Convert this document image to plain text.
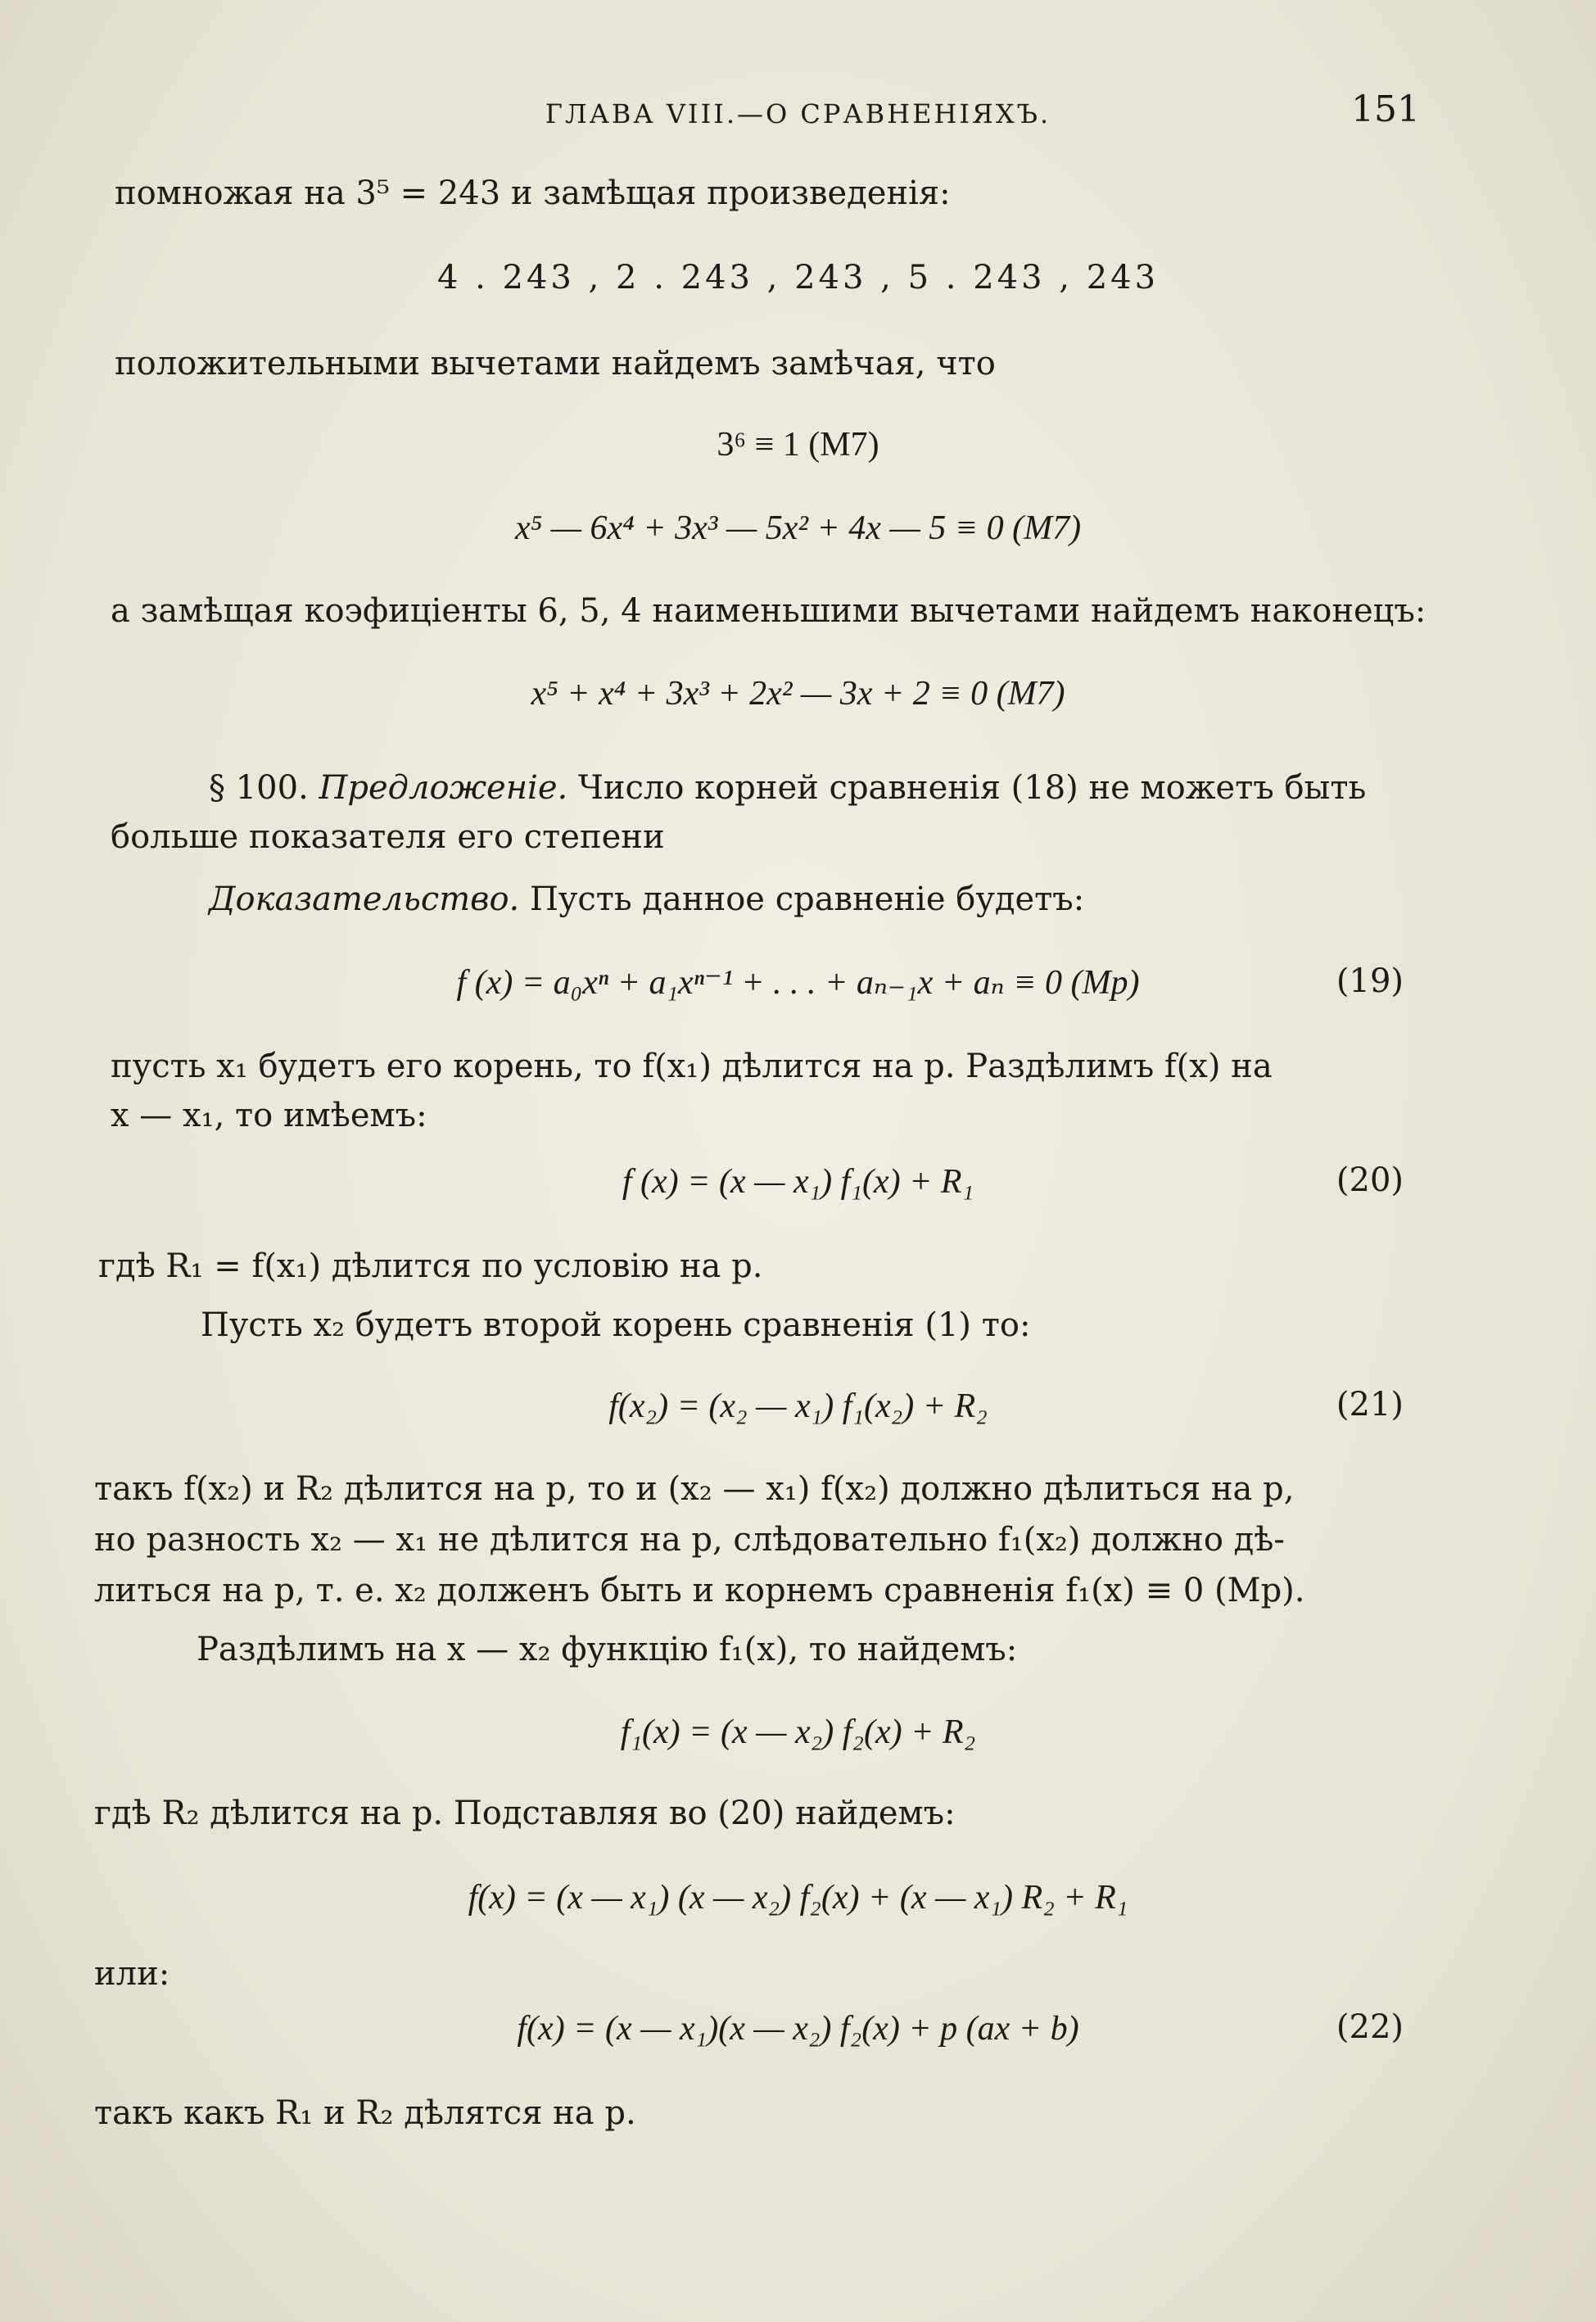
ГЛАВА VIII.—О СРАВНЕНІЯХЪ.	151
помножая на 3⁵ = 243 и замѣщая произведенія:
4 . 243 , 2 . 243 , 243 , 5 . 243 , 243
положительными вычетами найдемъ замѣчая, что
3⁶ ≡ 1 (M7)
x⁵ — 6x⁴ + 3x³ — 5x² + 4x — 5 ≡ 0 (M7)
а замѣщая коэфиціенты 6, 5, 4 наименьшими вычетами найдемъ наконецъ:
x⁵ + x⁴ + 3x³ + 2x² — 3x + 2 ≡ 0 (M7)
§ 100. Предложеніе. Число корней сравненія (18) не можетъ быть
больше показателя его степени
Доказательство. Пусть данное сравненіе будетъ:
f (x) = a₀xⁿ + a₁xⁿ⁻¹ + . . . + aₙ₋₁x + aₙ ≡ 0 (Mp)	(19)
пусть x₁ будетъ его корень, то f(x₁) дѣлится на p. Раздѣлимъ f(x) на
x — x₁, то имѣемъ:
f (x) = (x — x₁) f₁(x) + R₁	(20)
гдѣ R₁ = f(x₁) дѣлится по условію на p.
Пусть x₂ будетъ второй корень сравненія (1) то:
f(x₂) = (x₂ — x₁) f₁(x₂) + R₂	(21)
такъ f(x₂) и R₂ дѣлится на p, то и (x₂ — x₁) f(x₂) должно дѣлиться на p,
но разность x₂ — x₁ не дѣлится на p, слѣдовательно f₁(x₂) должно дѣ-
литься на p, т. е. x₂ долженъ быть и корнемъ сравненія f₁(x) ≡ 0 (Mp).
Раздѣлимъ на x — x₂ функцію f₁(x), то найдемъ:
f₁(x) = (x — x₂) f₂(x) + R₂
гдѣ R₂ дѣлится на p. Подставляя во (20) найдемъ:
f(x) = (x — x₁) (x — x₂) f₂(x) + (x — x₁) R₂ + R₁
или:
f(x) = (x — x₁)(x — x₂) f₂(x) + p (ax + b)	(22)
такъ какъ R₁ и R₂ дѣлятся на p.
